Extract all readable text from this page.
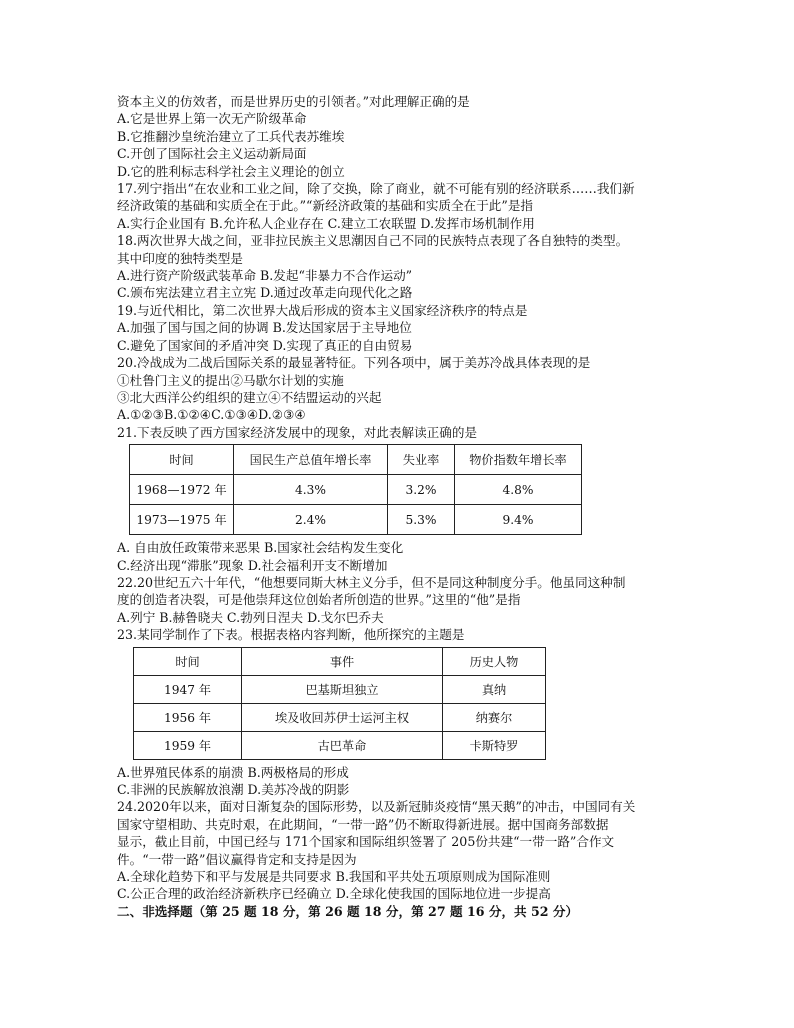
资本主义的仿效者，而是世界历史的引领者。”对此理解正确的是
A.它是世界上第一次无产阶级革命
B.它推翻沙皇统治建立了工兵代表苏维埃
C.开创了国际社会主义运动新局面
D.它的胜利标志科学社会主义理论的创立
17.列宁指出“在农业和工业之间，除了交换，除了商业，就不可能有别的经济联系……我们新
经济政策的基础和实质全在于此。”“新经济政策的基础和实质全在于此”是指
A.实行企业国有 B.允许私人企业存在 C.建立工农联盟 D.发挥市场机制作用
18.两次世界大战之间，亚非拉民族主义思潮因自己不同的民族特点表现了各自独特的类型。
其中印度的独特类型是
A.进行资产阶级武装革命 B.发起“非暴力不合作运动”
C.颁布宪法建立君主立宪 D.通过改革走向现代化之路
19.与近代相比，第二次世界大战后形成的资本主义国家经济秩序的特点是
A.加强了国与国之间的协调 B.发达国家居于主导地位
C.避免了国家间的矛盾冲突 D.实现了真正的自由贸易
20.冷战成为二战后国际关系的最显著特征。下列各项中，属于美苏冷战具体表现的是
①杜鲁门主义的提出②马歇尔计划的实施
③北大西洋公约组织的建立④不结盟运动的兴起
A.①②③B.①②④C.①③④D.②③④
21.下表反映了西方国家经济发展中的现象，对此表解读正确的是
时间	国民生产总值年增长率	失业率	物价指数年增长率
1968—1972 年	4.3%	3.2%	4.8%
1973—1975 年	2.4%	5.3%	9.4%
A. 自由放任政策带来恶果 B.国家社会结构发生变化
C.经济出现“滞胀”现象 D.社会福利开支不断增加
22.20世纪五六十年代，“他想要同斯大林主义分手，但不是同这种制度分手。他虽同这种制
度的创造者决裂，可是他崇拜这位创始者所创造的世界。”这里的“他”是指
A.列宁 B.赫鲁晓夫 C.勃列日涅夫 D.戈尔巴乔夫
23.某同学制作了下表。根据表格内容判断，他所探究的主题是
时间	事件	历史人物
1947 年	巴基斯坦独立	真纳
1956 年	埃及收回苏伊士运河主权	纳赛尔
1959 年	古巴革命	卡斯特罗
A.世界殖民体系的崩溃 B.两极格局的形成
C.非洲的民族解放浪潮 D.美苏冷战的阴影
24.2020年以来，面对日渐复杂的国际形势，以及新冠肺炎疫情“黑天鹅”的冲击，中国同有关
国家守望相助、共克时艰，在此期间，“一带一路”仍不断取得新进展。据中国商务部数据
显示，截止目前，中国已经与 171个国家和国际组织签署了 205份共建“一带一路”合作文
件。“一带一路”倡议赢得肯定和支持是因为
A.全球化趋势下和平与发展是共同要求 B.我国和平共处五项原则成为国际准则
C.公正合理的政治经济新秩序已经确立 D.全球化使我国的国际地位进一步提高
二、非选择题（第 25 题 18 分，第 26 题 18 分，第 27 题 16 分，共 52 分）
